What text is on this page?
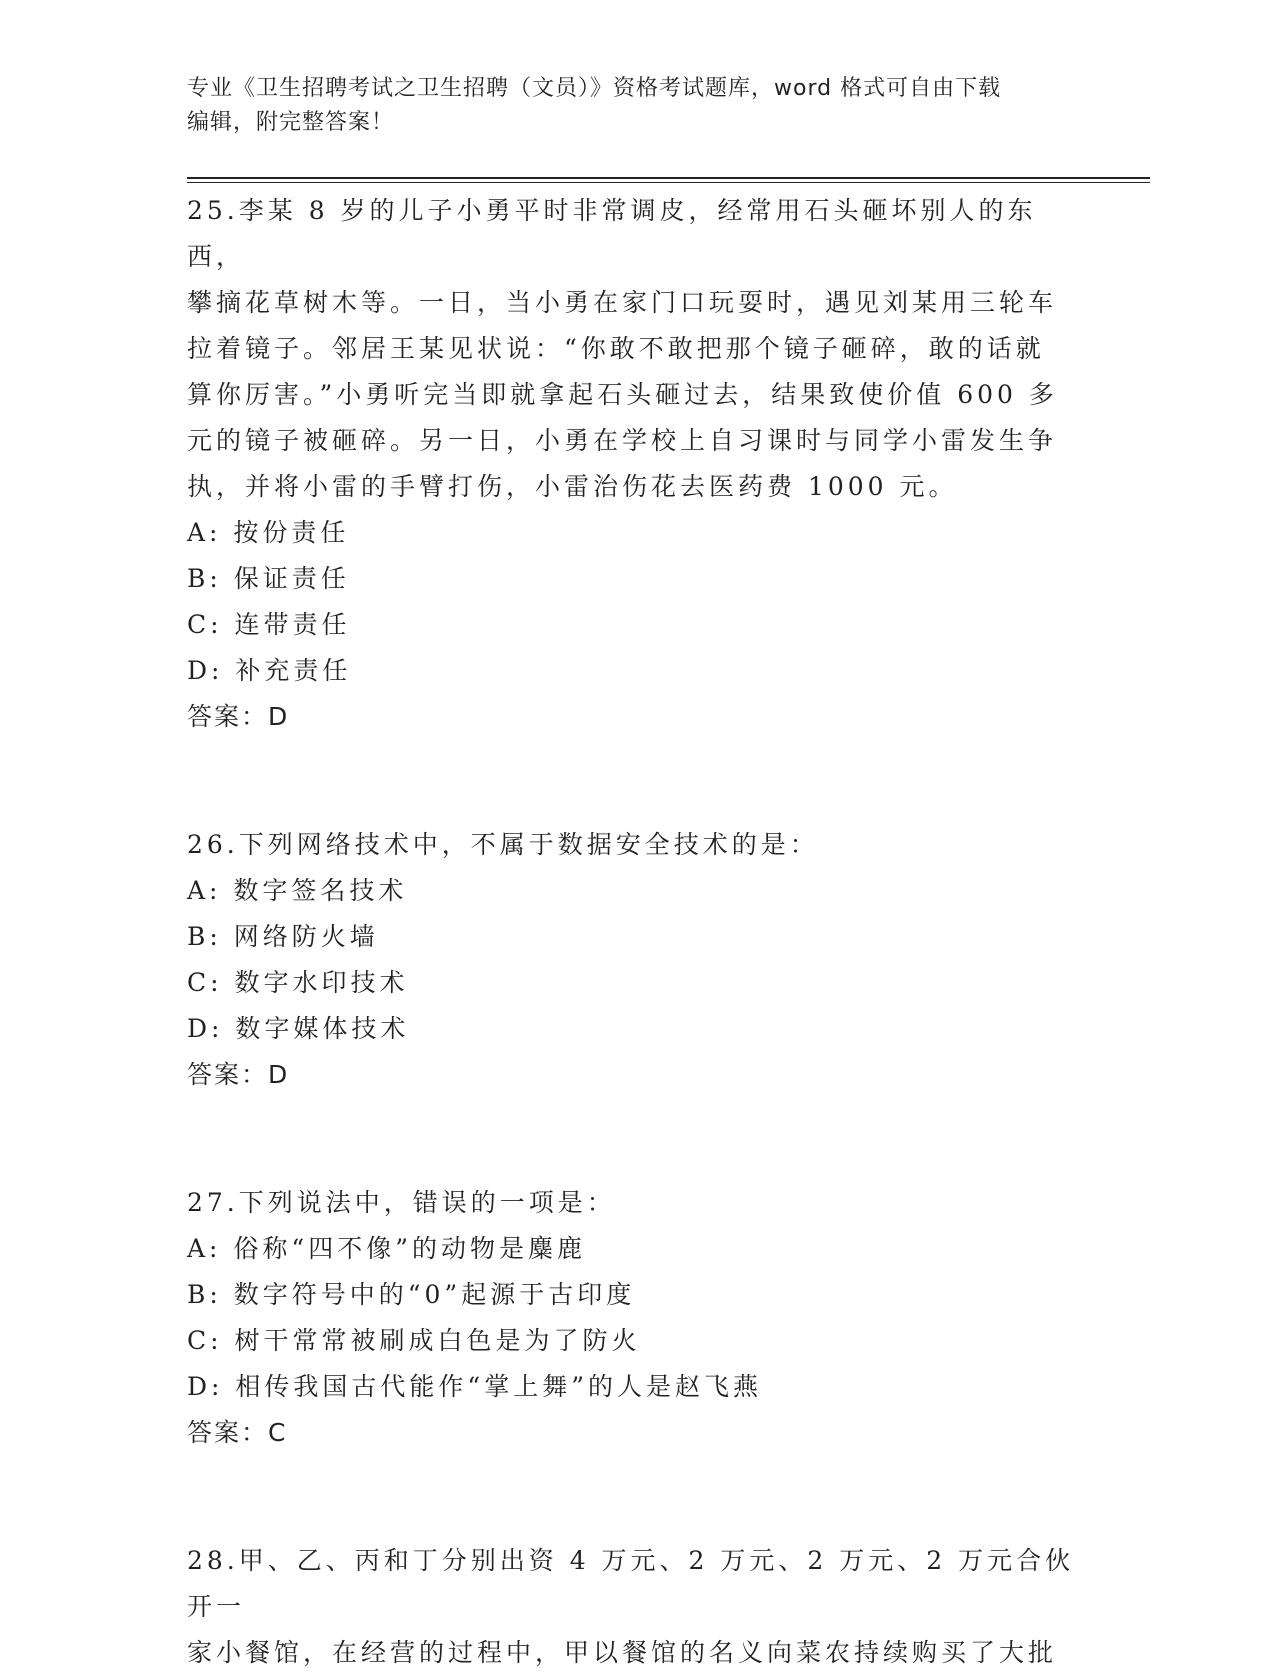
专业《卫生招聘考试之卫生招聘（文员）》资格考试题库，word 格式可自由下载
编辑，附完整答案！

25.李某 8 岁的儿子小勇平时非常调皮，经常用石头砸坏别人的东西，

攀摘花草树木等。一日，当小勇在家门口玩耍时，遇见刘某用三轮车

拉着镜子。邻居王某见状说：“你敢不敢把那个镜子砸碎，敢的话就

算你厉害。”小勇听完当即就拿起石头砸过去，结果致使价值 600 多

元的镜子被砸碎。另一日，小勇在学校上自习课时与同学小雷发生争

执，并将小雷的手臂打伤，小雷治伤花去医药费 1000 元。

A: 按份责任

B: 保证责任

C: 连带责任

D: 补充责任

答案：D

26.下列网络技术中，不属于数据安全技术的是：

A: 数字签名技术

B: 网络防火墙

C: 数字水印技术

D: 数字媒体技术

答案：D

27.下列说法中，错误的一项是：

A: 俗称“四不像”的动物是麋鹿

B: 数字符号中的“0”起源于古印度

C: 树干常常被刷成白色是为了防火

D: 相传我国古代能作“掌上舞”的人是赵飞燕

答案：C

28.甲、乙、丙和丁分别出资 4 万元、2 万元、2 万元、2 万元合伙开一

家小餐馆，在经营的过程中，甲以餐馆的名义向菜农持续购买了大批
